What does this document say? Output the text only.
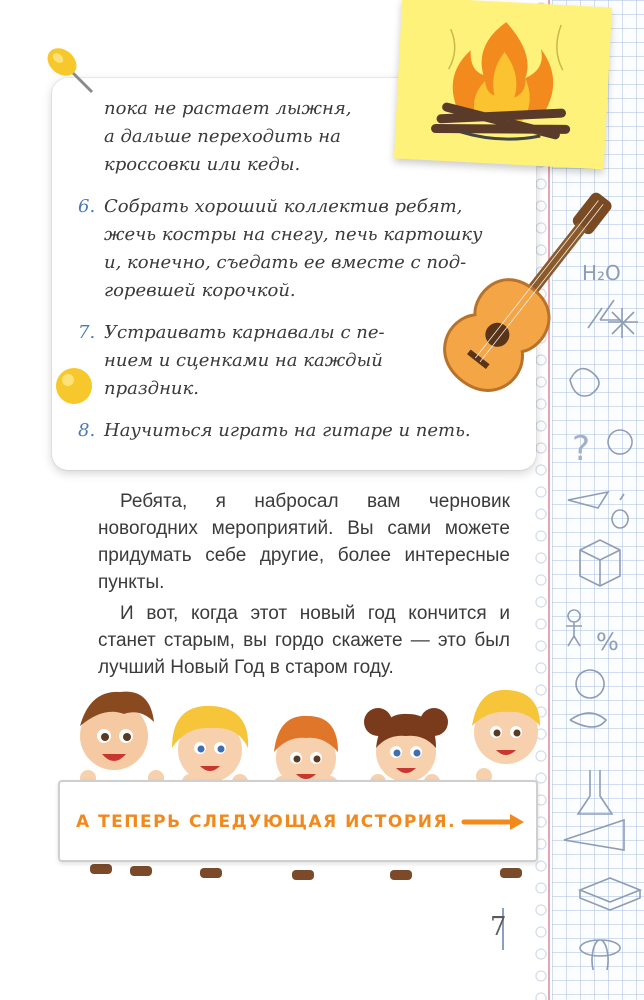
H₂O
?
%

пока не растает лыжня,

а дальше переходить на

кроссовки или кеды.

6. Собрать хороший коллектив ребят,

жечь костры на снегу, печь картошку

и, конечно, съедать ее вместе с под-

горевшей корочкой.

7. Устраивать карнавалы с пе-

нием и сценками на каждый

праздник.

8. Научиться играть на гитаре и петь.

Ребята, я набросал вам черновик новогодних мероприятий. Вы сами можете придумать себе другие, более интересные пункты.

И вот, когда этот новый год кончится и станет старым, вы гордо скажете — это был лучший Новый Год в старом году.

А ТЕПЕРЬ СЛЕДУЮЩАЯ ИСТОРИЯ.
7
